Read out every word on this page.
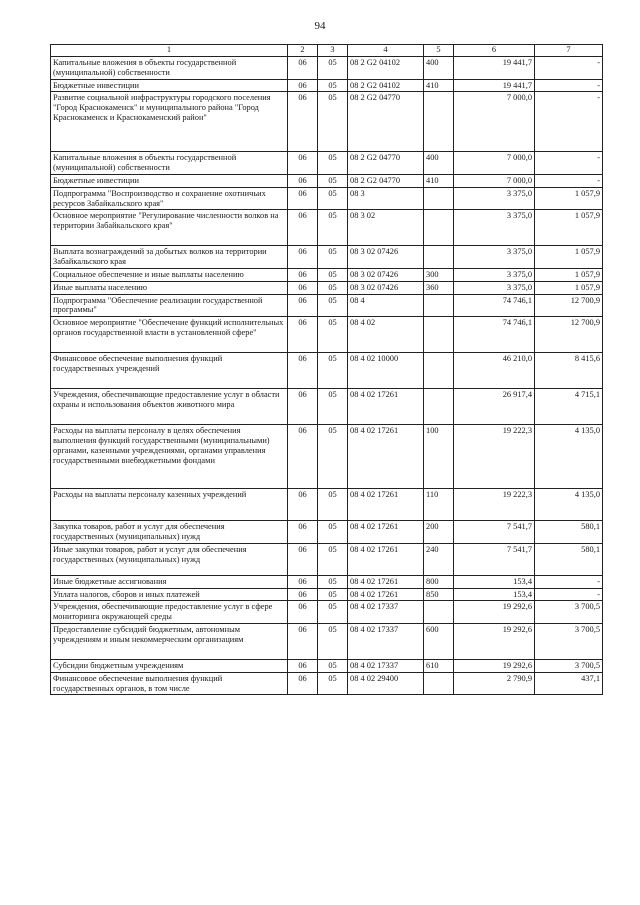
94
1	2	3	4	5	6	7
Капитальные вложения в объекты государственной (муниципальной) собственности	06	05	08 2 G2 04102	400	19 441,7	-
Бюджетные инвестиции	06	05	08 2 G2 04102	410	19 441,7	-
Развитие социальной инфраструктуры городского поселения "Город Краснокаменск" и муниципального района "Город Краснокаменск и Краснокаменский район"	06	05	08 2 G2 04770		7 000,0	-
Капитальные вложения в объекты государственной (муниципальной) собственности	06	05	08 2 G2 04770	400	7 000,0	-
Бюджетные инвестиции	06	05	08 2 G2 04770	410	7 000,0	-
Подпрограмма "Воспроизводство и сохранение охотничьих ресурсов Забайкальского края"	06	05	08 3		3 375,0	1 057,9
Основное мероприятие "Регулирование численности волков на территории Забайкальского края"	06	05	08 3 02		3 375,0	1 057,9
Выплата вознаграждений за добытых волков на территории Забайкальского края	06	05	08 3 02 07426		3 375,0	1 057,9
Социальное обеспечение и иные выплаты населению	06	05	08 3 02 07426	300	3 375,0	1 057,9
Иные выплаты населению	06	05	08 3 02 07426	360	3 375,0	1 057,9
Подпрограмма "Обеспечение реализации государственной программы"	06	05	08 4		74 746,1	12 700,9
Основное мероприятие "Обеспечение функций исполнительных органов государственной власти в установленной сфере"	06	05	08 4 02		74 746,1	12 700,9
Финансовое обеспечение выполнения функций государственных учреждений	06	05	08 4 02 10000		46 210,0	8 415,6
Учреждения, обеспечивающие предоставление услуг в области охраны и использования объектов животного мира	06	05	08 4 02 17261		26 917,4	4 715,1
Расходы на выплаты персоналу в целях обеспечения выполнения функций государственными (муниципальными) органами, казенными учреждениями, органами управления государственными внебюджетными фондами	06	05	08 4 02 17261	100	19 222,3	4 135,0
Расходы на выплаты персоналу казенных учреждений	06	05	08 4 02 17261	110	19 222,3	4 135,0
Закупка товаров, работ и услуг для обеспечения государственных (муниципальных) нужд	06	05	08 4 02 17261	200	7 541,7	580,1
Иные закупки товаров, работ и услуг для обеспечения государственных (муниципальных) нужд	06	05	08 4 02 17261	240	7 541,7	580,1
Иные бюджетные ассигнования	06	05	08 4 02 17261	800	153,4	-
Уплата налогов, сборов и иных платежей	06	05	08 4 02 17261	850	153,4	-
Учреждения, обеспечивающие предоставление услуг в сфере мониторинга окружающей среды	06	05	08 4 02 17337		19 292,6	3 700,5
Предоставление субсидий бюджетным, автономным учреждениям и иным некоммерческим организациям	06	05	08 4 02 17337	600	19 292,6	3 700,5
Субсидии бюджетным учреждениям	06	05	08 4 02 17337	610	19 292,6	3 700,5
Финансовое обеспечение выполнения функций государственных органов, в том числе	06	05	08 4 02 29400		2 790,9	437,1
